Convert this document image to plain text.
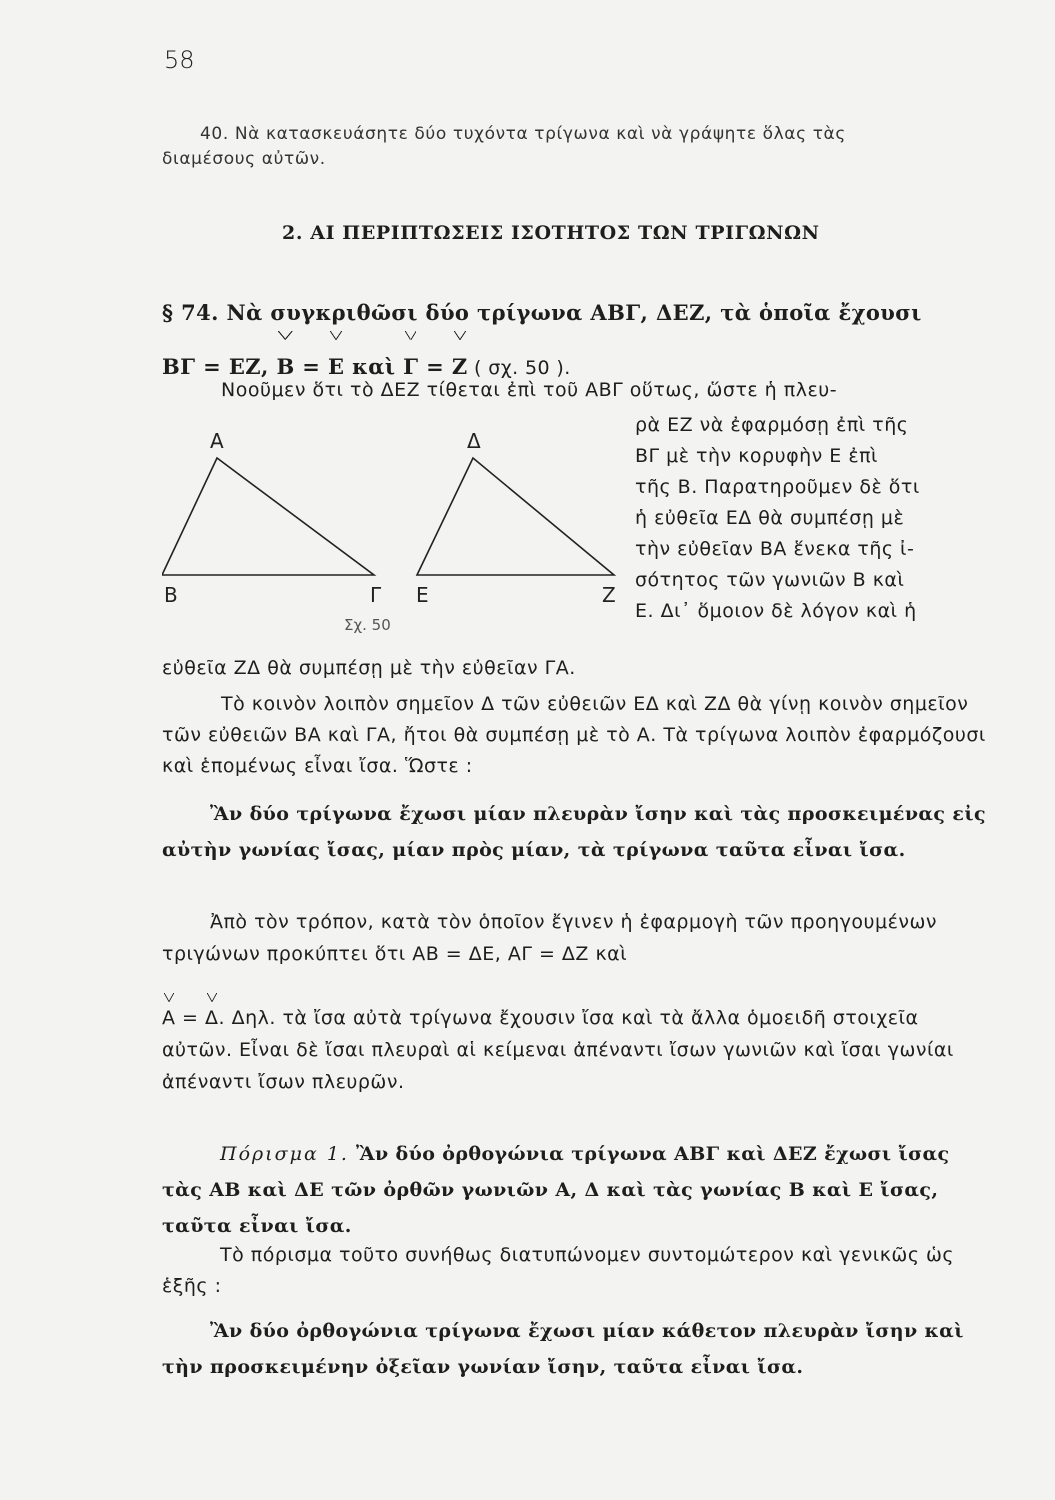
58
40. Νὰ κατασκευάσητε δύο τυχόντα τρίγωνα καὶ νὰ γράψητε ὅλας τὰς
διαμέσους αὐτῶν.
2. ΑΙ ΠΕΡΙΠΤΩΣΕΙΣ ΙΣΟΤΗΤΟΣ ΤΩΝ ΤΡΙΓΩΝΩΝ
§ 74. Νὰ συγκριθῶσι δύο τρίγωνα ΑΒΓ, ΔΕΖ, τὰ ὁποῖα ἔχουσι
ΒΓ = ΕΖ, Β = Ε καὶ Γ = Ζ ( σχ. 50 ).
Νοοῦμεν ὅτι τὸ ΔΕΖ τίθεται ἐπὶ τοῦ ΑΒΓ οὕτως, ὥστε ἡ πλευ-
Α
Β	Γ
Δ
Ε	Ζ
Σχ. 50
ρὰ ΕΖ νὰ ἐφαρμόσῃ ἐπὶ τῆς
ΒΓ μὲ τὴν κορυφὴν Ε ἐπὶ
τῆς Β. Παρατηροῦμεν δὲ ὅτι
ἡ εὐθεῖα ΕΔ θὰ συμπέσῃ μὲ
τὴν εὐθεῖαν ΒΑ ἕνεκα τῆς ἰ-
σότητος τῶν γωνιῶν Β καὶ
Ε. Δι᾽ ὅμοιον δὲ λόγον καὶ ἡ
εὐθεῖα ΖΔ θὰ συμπέσῃ μὲ τὴν εὐθεῖαν ΓΑ.
Τὸ κοινὸν λοιπὸν σημεῖον Δ τῶν εὐθειῶν ΕΔ καὶ ΖΔ θὰ γίνῃ κοινὸν σημεῖον τῶν εὐθειῶν ΒΑ καὶ ΓΑ, ἤτοι θὰ συμπέσῃ μὲ τὸ Α. Τὰ τρίγωνα λοιπὸν ἐφαρμόζουσι καὶ ἑπομένως εἶναι ἴσα. Ὥστε :
Ἂν δύο τρίγωνα ἔχωσι μίαν πλευρὰν ἴσην καὶ τὰς προσκειμένας εἰς αὐτὴν γωνίας ἴσας, μίαν πρὸς μίαν, τὰ τρίγωνα ταῦτα εἶναι ἴσα.
Ἀπὸ τὸν τρόπον, κατὰ τὸν ὁποῖον ἔγινεν ἡ ἐφαρμογὴ τῶν προηγουμένων τριγώνων προκύπτει ὅτι ΑΒ = ΔΕ, ΑΓ = ΔΖ καὶ
Α = Δ. Δηλ. τὰ ἴσα αὐτὰ τρίγωνα ἔχουσιν ἴσα καὶ τὰ ἄλλα ὁμοειδῆ στοιχεῖα αὐτῶν. Εἶναι δὲ ἴσαι πλευραὶ αἱ κείμεναι ἀπέναντι ἴσων γωνιῶν καὶ ἴσαι γωνίαι ἀπέναντι ἴσων πλευρῶν.
Πόρισμα 1. Ἂν δύο ὀρθογώνια τρίγωνα ΑΒΓ καὶ ΔΕΖ ἔχωσι ἴσας τὰς ΑΒ καὶ ΔΕ τῶν ὀρθῶν γωνιῶν Α, Δ καὶ τὰς γωνίας Β καὶ Ε ἴσας, ταῦτα εἶναι ἴσα.
Τὸ πόρισμα τοῦτο συνήθως διατυπώνομεν συντομώτερον καὶ γενικῶς ὡς ἑξῆς :
Ἂν δύο ὀρθογώνια τρίγωνα ἔχωσι μίαν κάθετον πλευρὰν ἴσην καὶ τὴν προσκειμένην ὀξεῖαν γωνίαν ἴσην, ταῦτα εἶναι ἴσα.
